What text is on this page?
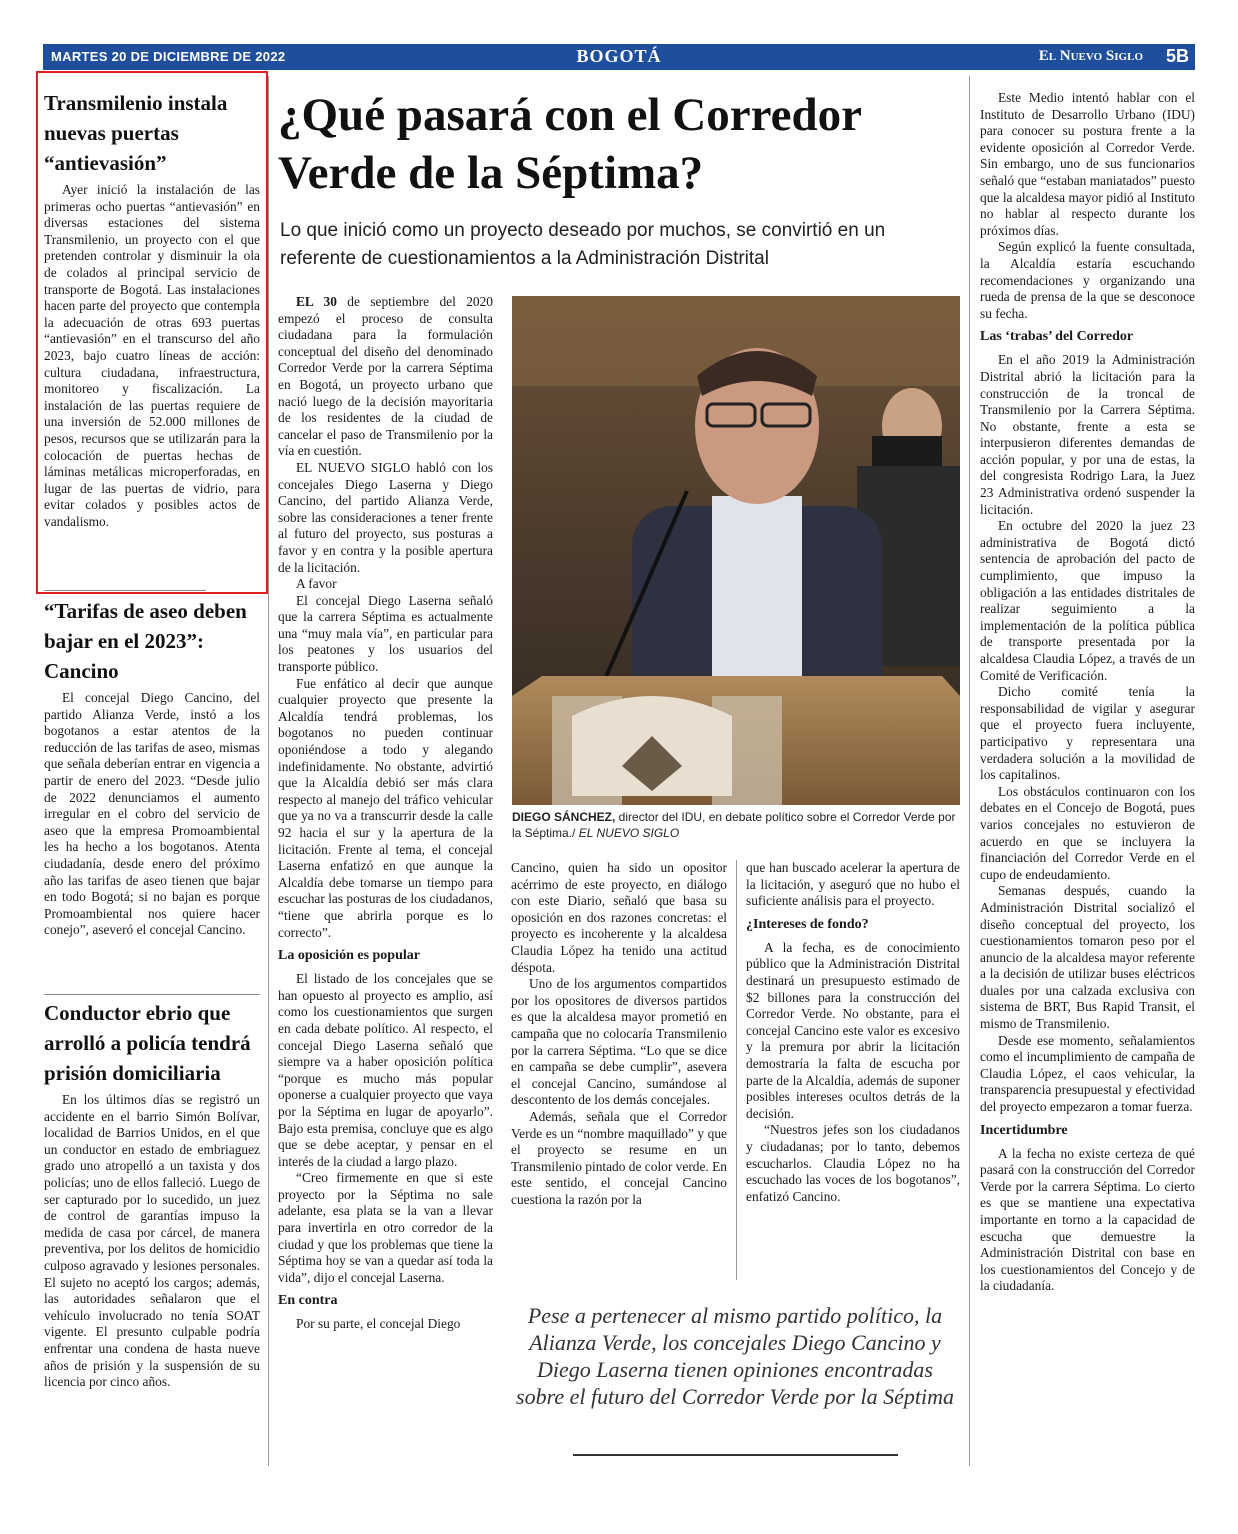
MARTES 20 DE DICIEMBRE DE 2022	BOGOTÁ	El Nuevo Siglo 5B
Transmilenio instala nuevas puertas “antievasión”

Ayer inició la instalación de las primeras ocho puertas “antievasión” en diversas estaciones del sistema Transmilenio, un proyecto con el que pretenden controlar y disminuir la ola de colados al principal servicio de transporte de Bogotá. Las instalaciones hacen parte del proyecto que contempla la adecuación de otras 693 puertas “antievasión” en el transcurso del año 2023, bajo cuatro líneas de acción: cultura ciudadana, infraestructura, monitoreo y fiscalización. La instalación de las puertas requiere de una inversión de 52.000 millones de pesos, recursos que se utilizarán para la colocación de puertas hechas de láminas metálicas microperforadas, en lugar de las puertas de vidrio, para evitar colados y posibles actos de vandalismo.

“Tarifas de aseo deben bajar en el 2023”: Cancino

El concejal Diego Cancino, del partido Alianza Verde, instó a los bogotanos a estar atentos de la reducción de las tarifas de aseo, mismas que señala deberían entrar en vigencia a partir de enero del 2023. “Desde julio de 2022 denunciamos el aumento irregular en el cobro del servicio de aseo que la empresa Promoambiental les ha hecho a los bogotanos. Atenta ciudadanía, desde enero del próximo año las tarifas de aseo tienen que bajar en todo Bogotá; si no bajan es porque Promoambiental nos quiere hacer conejo”, aseveró el concejal Cancino.

Conductor ebrio que arrolló a policía tendrá prisión domiciliaria

En los últimos días se registró un accidente en el barrio Simón Bolívar, localidad de Barrios Unidos, en el que un conductor en estado de embriaguez grado uno atropelló a un taxista y dos policías; uno de ellos falleció. Luego de ser capturado por lo sucedido, un juez de control de garantías impuso la medida de casa por cárcel, de manera preventiva, por los delitos de homicidio culposo agravado y lesiones personales. El sujeto no aceptó los cargos; además, las autoridades señalaron que el vehículo involucrado no tenía SOAT vigente. El presunto culpable podría enfrentar una condena de hasta nueve años de prisión y la suspensión de su licencia por cinco años.

¿Qué pasará con el Corredor Verde de la Séptima?

Lo que inició como un proyecto deseado por muchos, se convirtió en un referente de cuestionamientos a la Administración Distrital

EL 30 de septiembre del 2020 empezó el proceso de consulta ciudadana para la formulación conceptual del diseño del denominado Corredor Verde por la carrera Séptima en Bogotá, un proyecto urbano que nació luego de la decisión mayoritaria de los residentes de la ciudad de cancelar el paso de Transmilenio por la vía en cuestión.

EL NUEVO SIGLO habló con los concejales Diego Laserna y Diego Cancino, del partido Alianza Verde, sobre las consideraciones a tener frente al futuro del proyecto, sus posturas a favor y en contra y la posible apertura de la licitación.

A favor

El concejal Diego Laserna señaló que la carrera Séptima es actualmente una “muy mala vía”, en particular para los peatones y los usuarios del transporte público.

Fue enfático al decir que aunque cualquier proyecto que presente la Alcaldía tendrá problemas, los bogotanos no pueden continuar oponiéndose a todo y alegando indefinidamente. No obstante, advirtió que la Alcaldía debió ser más clara respecto al manejo del tráfico vehicular que ya no va a transcurrir desde la calle 92 hacia el sur y la apertura de la licitación. Frente al tema, el concejal Laserna enfatizó en que aunque la Alcaldía debe tomarse un tiempo para escuchar las posturas de los ciudadanos, “tiene que abrirla porque es lo correcto”.

La oposición es popular

El listado de los concejales que se han opuesto al proyecto es amplio, así como los cuestionamientos que surgen en cada debate político. Al respecto, el concejal Diego Laserna señaló que siempre va a haber oposición política “porque es mucho más popular oponerse a cualquier proyecto que vaya por la Séptima en lugar de apoyarlo”. Bajo esta premisa, concluye que es algo que se debe aceptar, y pensar en el interés de la ciudad a largo plazo.

“Creo firmemente en que si este proyecto por la Séptima no sale adelante, esa plata se la van a llevar para invertirla en otro corredor de la ciudad y que los problemas que tiene la Séptima hoy se van a quedar así toda la vida”, dijo el concejal Laserna.

En contra

Por su parte, el concejal Diego

DIEGO SÁNCHEZ, director del IDU, en debate político sobre el Corredor Verde por la Séptima./ EL NUEVO SIGLO

Cancino, quien ha sido un opositor acérrimo de este proyecto, en diálogo con este Diario, señaló que basa su oposición en dos razones concretas: el proyecto es incoherente y la alcaldesa Claudia López ha tenido una actitud déspota.

Uno de los argumentos compartidos por los opositores de diversos partidos es que la alcaldesa mayor prometió en campaña que no colocaría Transmilenio por la carrera Séptima. “Lo que se dice en campaña se debe cumplir”, asevera el concejal Cancino, sumándose al descontento de los demás concejales.

Además, señala que el Corredor Verde es un “nombre maquillado” y que el proyecto se resume en un Transmilenio pintado de color verde. En este sentido, el concejal Cancino cuestiona la razón por la

que han buscado acelerar la apertura de la licitación, y aseguró que no hubo el suficiente análisis para el proyecto.

¿Intereses de fondo?

A la fecha, es de conocimiento público que la Administración Distrital destinará un presupuesto estimado de $2 billones para la construcción del Corredor Verde. No obstante, para el concejal Cancino este valor es excesivo y la premura por abrir la licitación demostraría la falta de escucha por parte de la Alcaldía, además de suponer posibles intereses ocultos detrás de la decisión.

“Nuestros jefes son los ciudadanos y ciudadanas; por lo tanto, debemos escucharlos. Claudia López no ha escuchado las voces de los bogotanos”, enfatizó Cancino.

Pese a pertenecer al mismo partido político, la Alianza Verde, los concejales Diego Cancino y Diego Laserna tienen opiniones encontradas sobre el futuro del Corredor Verde por la Séptima

Este Medio intentó hablar con el Instituto de Desarrollo Urbano (IDU) para conocer su postura frente a la evidente oposición al Corredor Verde. Sin embargo, uno de sus funcionarios señaló que “estaban maniatados” puesto que la alcaldesa mayor pidió al Instituto no hablar al respecto durante los próximos días.

Según explicó la fuente consultada, la Alcaldía estaría escuchando recomendaciones y organizando una rueda de prensa de la que se desconoce su fecha.

Las ‘trabas’ del Corredor

En el año 2019 la Administración Distrital abrió la licitación para la construcción de la troncal de Transmilenio por la Carrera Séptima. No obstante, frente a esta se interpusieron diferentes demandas de acción popular, y por una de estas, la del congresista Rodrigo Lara, la Juez 23 Administrativa ordenó suspender la licitación.

En octubre del 2020 la juez 23 administrativa de Bogotá dictó sentencia de aprobación del pacto de cumplimiento, que impuso la obligación a las entidades distritales de realizar seguimiento a la implementación de la política pública de transporte presentada por la alcaldesa Claudia López, a través de un Comité de Verificación.

Dicho comité tenía la responsabilidad de vigilar y asegurar que el proyecto fuera incluyente, participativo y representara una verdadera solución a la movilidad de los capitalinos.

Los obstáculos continuaron con los debates en el Concejo de Bogotá, pues varios concejales no estuvieron de acuerdo en que se incluyera la financiación del Corredor Verde en el cupo de endeudamiento.

Semanas después, cuando la Administración Distrital socializó el diseño conceptual del proyecto, los cuestionamientos tomaron peso por el anuncio de la alcaldesa mayor referente a la decisión de utilizar buses eléctricos duales por una calzada exclusiva con sistema de BRT, Bus Rapid Transit, el mismo de Transmilenio.

Desde ese momento, señalamientos como el incumplimiento de campaña de Claudia López, el caos vehicular, la transparencia presupuestal y efectividad del proyecto empezaron a tomar fuerza.

Incertidumbre

A la fecha no existe certeza de qué pasará con la construcción del Corredor Verde por la carrera Séptima. Lo cierto es que se mantiene una expectativa importante en torno a la capacidad de escucha que demuestre la Administración Distrital con base en los cuestionamientos del Concejo y de la ciudadanía.
